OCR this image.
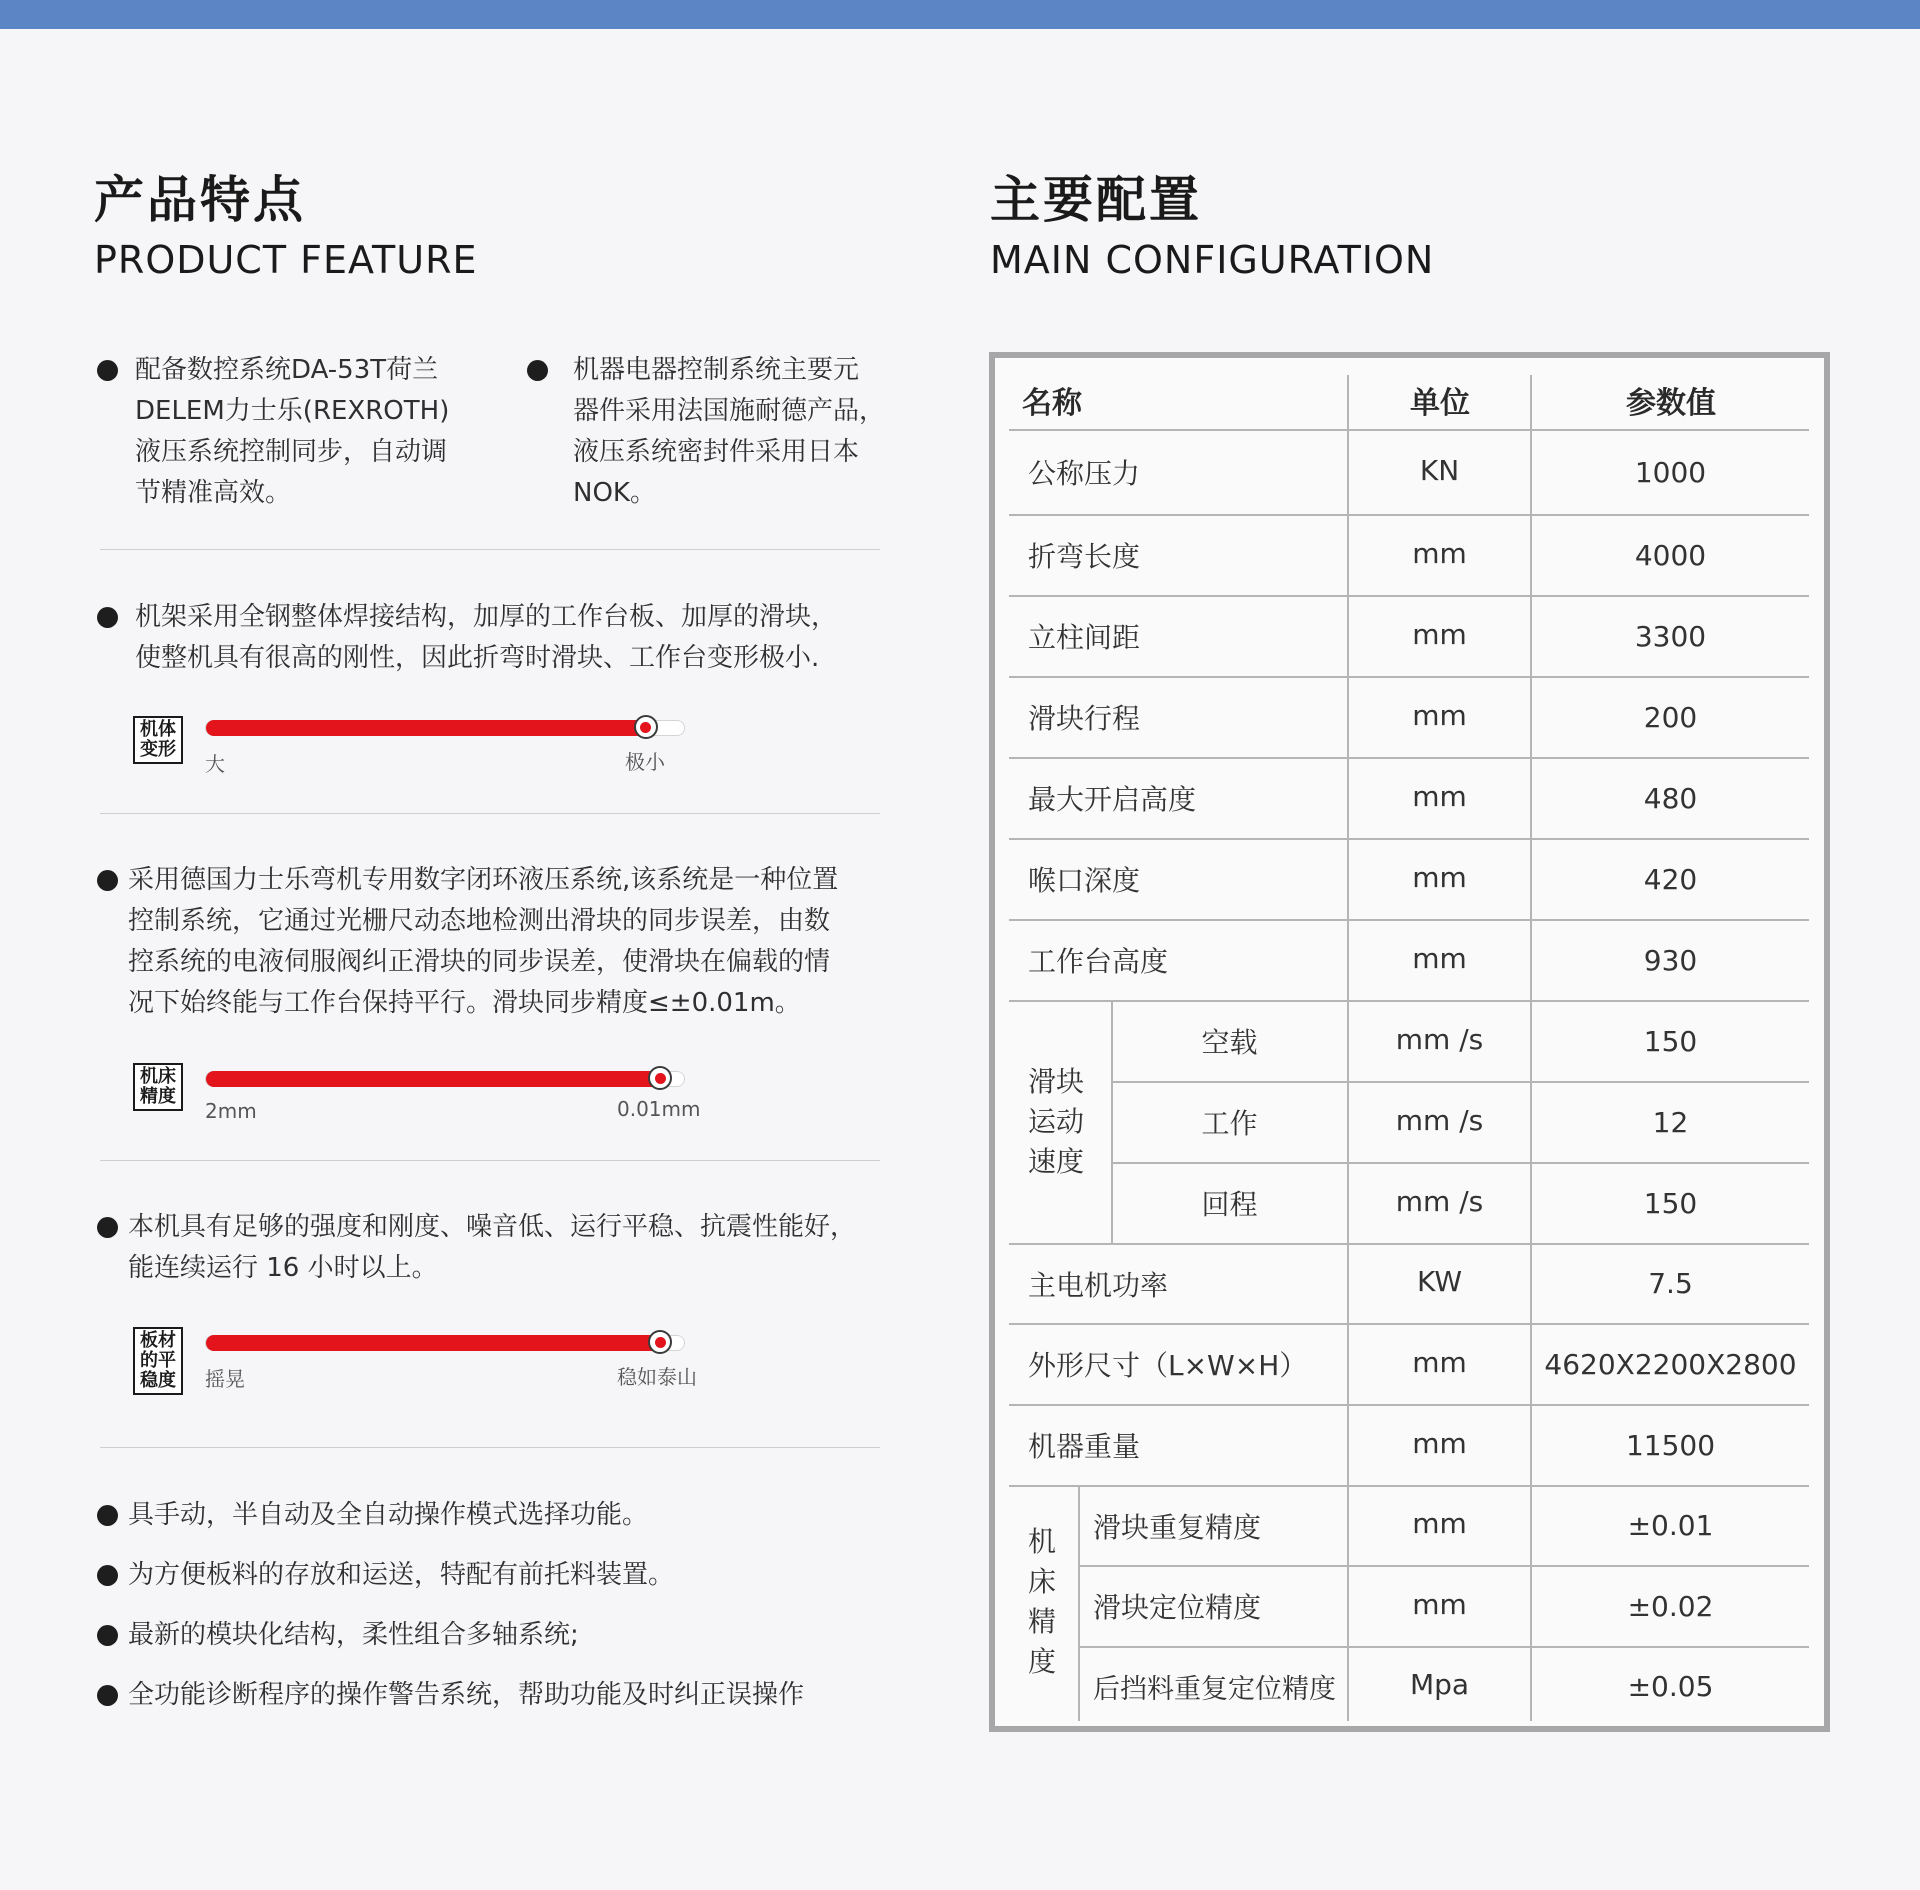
产品特点
PRODUCT FEATURE
配备数控系统DA-53T荷兰
DELEM力士乐(REXROTH)
液压系统控制同步，自动调
节精准高效。
机器电器控制系统主要元
器件采用法国施耐德产品，
液压系统密封件采用日本
NOK。
机架采用全钢整体焊接结构，加厚的工作台板、加厚的滑块，
使整机具有很高的刚性，因此折弯时滑块、工作台变形极小.
机体
变形
大	极小
采用德国力士乐弯机专用数字闭环液压系统,该系统是一种位置
控制系统，它通过光栅尺动态地检测出滑块的同步误差，由数
控系统的电液伺服阀纠正滑块的同步误差，使滑块在偏载的情
况下始终能与工作台保持平行。滑块同步精度≤±0.01m。
机床
精度
2mm	0.01mm
本机具有足够的强度和刚度、噪音低、运行平稳、抗震性能好，
能连续运行 16 小时以上。
板材
的平
稳度 摇晃	稳如泰山
具手动，半自动及全自动操作模式选择功能。
为方便板料的存放和运送，特配有前托料装置。
最新的模块化结构，柔性组合多轴系统;
全功能诊断程序的操作警告系统，帮助功能及时纠正误操作
主要配置
MAIN CONFIGURATION
名称	单位	参数值
公称压力	KN	1000
折弯长度	mm	4000
立柱间距	mm	3300
滑块行程	mm	200
最大开启高度	mm	480
喉口深度	mm	420
工作台高度	mm	930
滑块
运动
速度
空载	mm /s	150
工作	mm /s	12
回程	mm /s	150
主电机功率	KW	7.5
外形尺寸（L×W×H）	mm	4620X2200X2800
机器重量	mm	11500
机
床
精
度
滑块重复精度	mm	±0.01
滑块定位精度	mm	±0.02
后挡料重复定位精度	Mpa	±0.05
